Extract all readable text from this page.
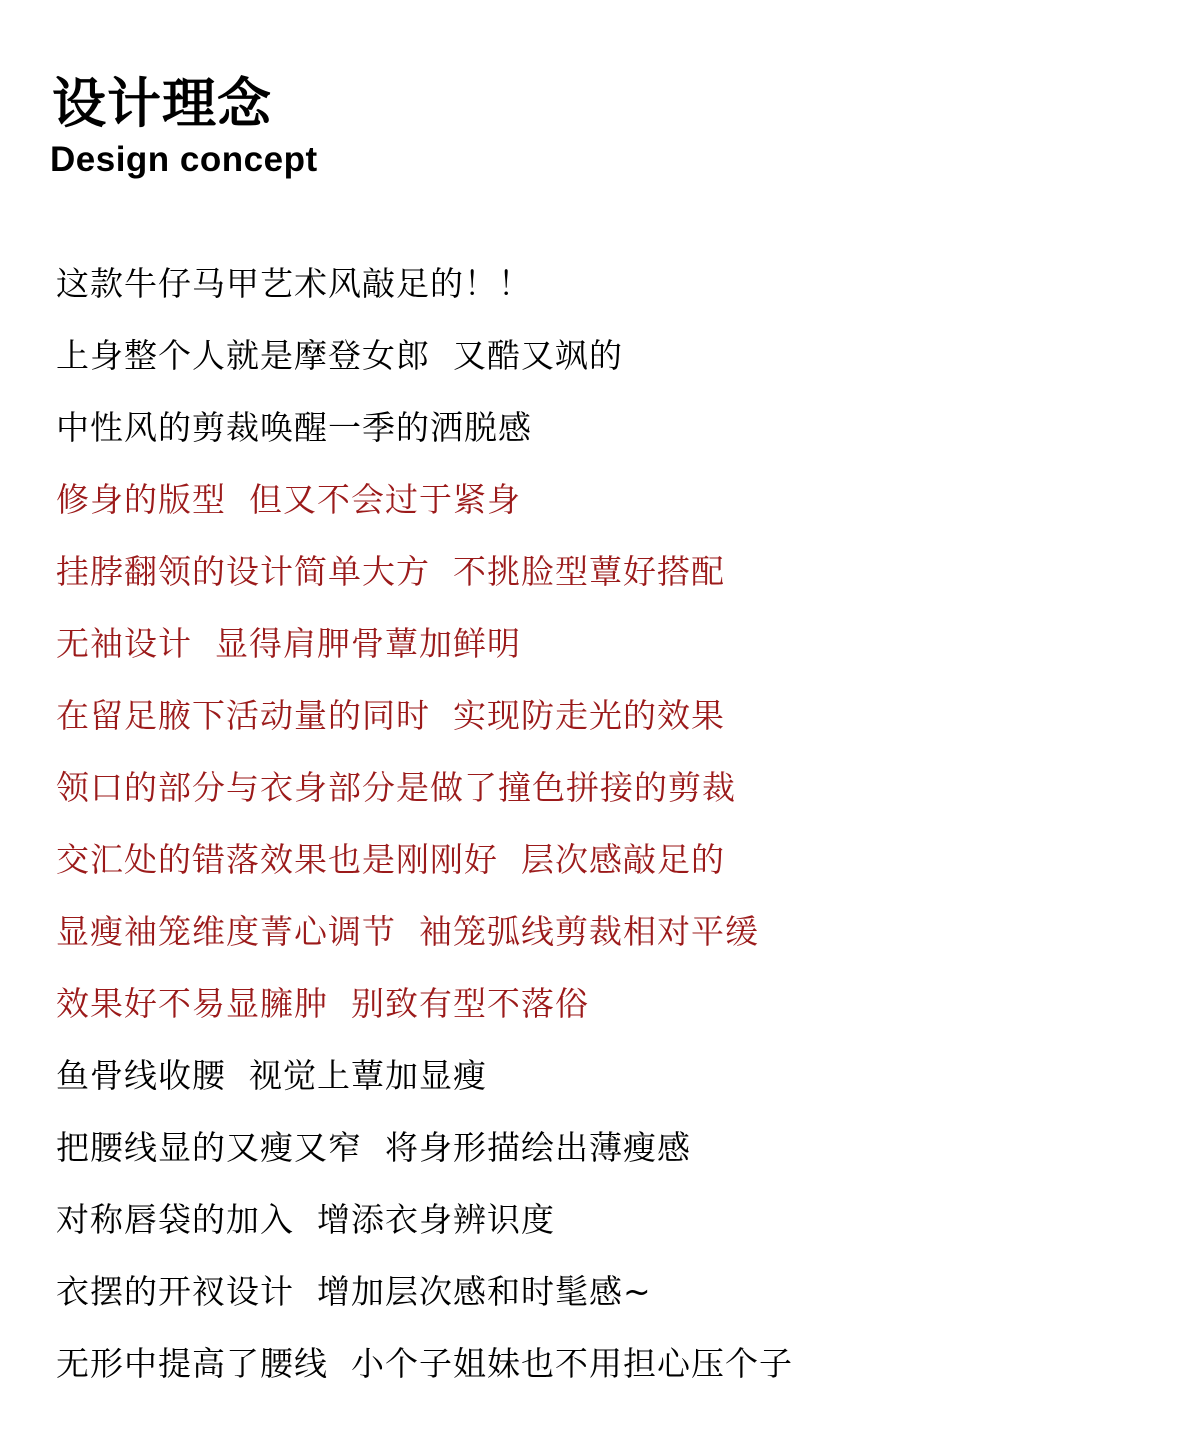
设计理念
Design concept
这款牛仔马甲艺术风敲足的！！
上身整个人就是摩登女郎  又酷又飒的
中性风的剪裁唤醒一季的洒脱感
修身的版型  但又不会过于紧身
挂脖翻领的设计简单大方  不挑脸型蕈好搭配
无袖设计  显得肩胛骨蕈加鲜明
在留足腋下活动量的同时  实现防走光的效果
领口的部分与衣身部分是做了撞色拼接的剪裁
交汇处的错落效果也是刚刚好  层次感敲足的
显瘦袖笼维度菁心调节  袖笼弧线剪裁相对平缓
效果好不易显臃肿  别致有型不落俗
鱼骨线收腰  视觉上蕈加显瘦
把腰线显的又瘦又窄  将身形描绘出薄瘦感
对称唇袋的加入  增添衣身辨识度
衣摆的开衩设计  增加层次感和时髦感~
无形中提高了腰线  小个子姐妹也不用担心压个子
